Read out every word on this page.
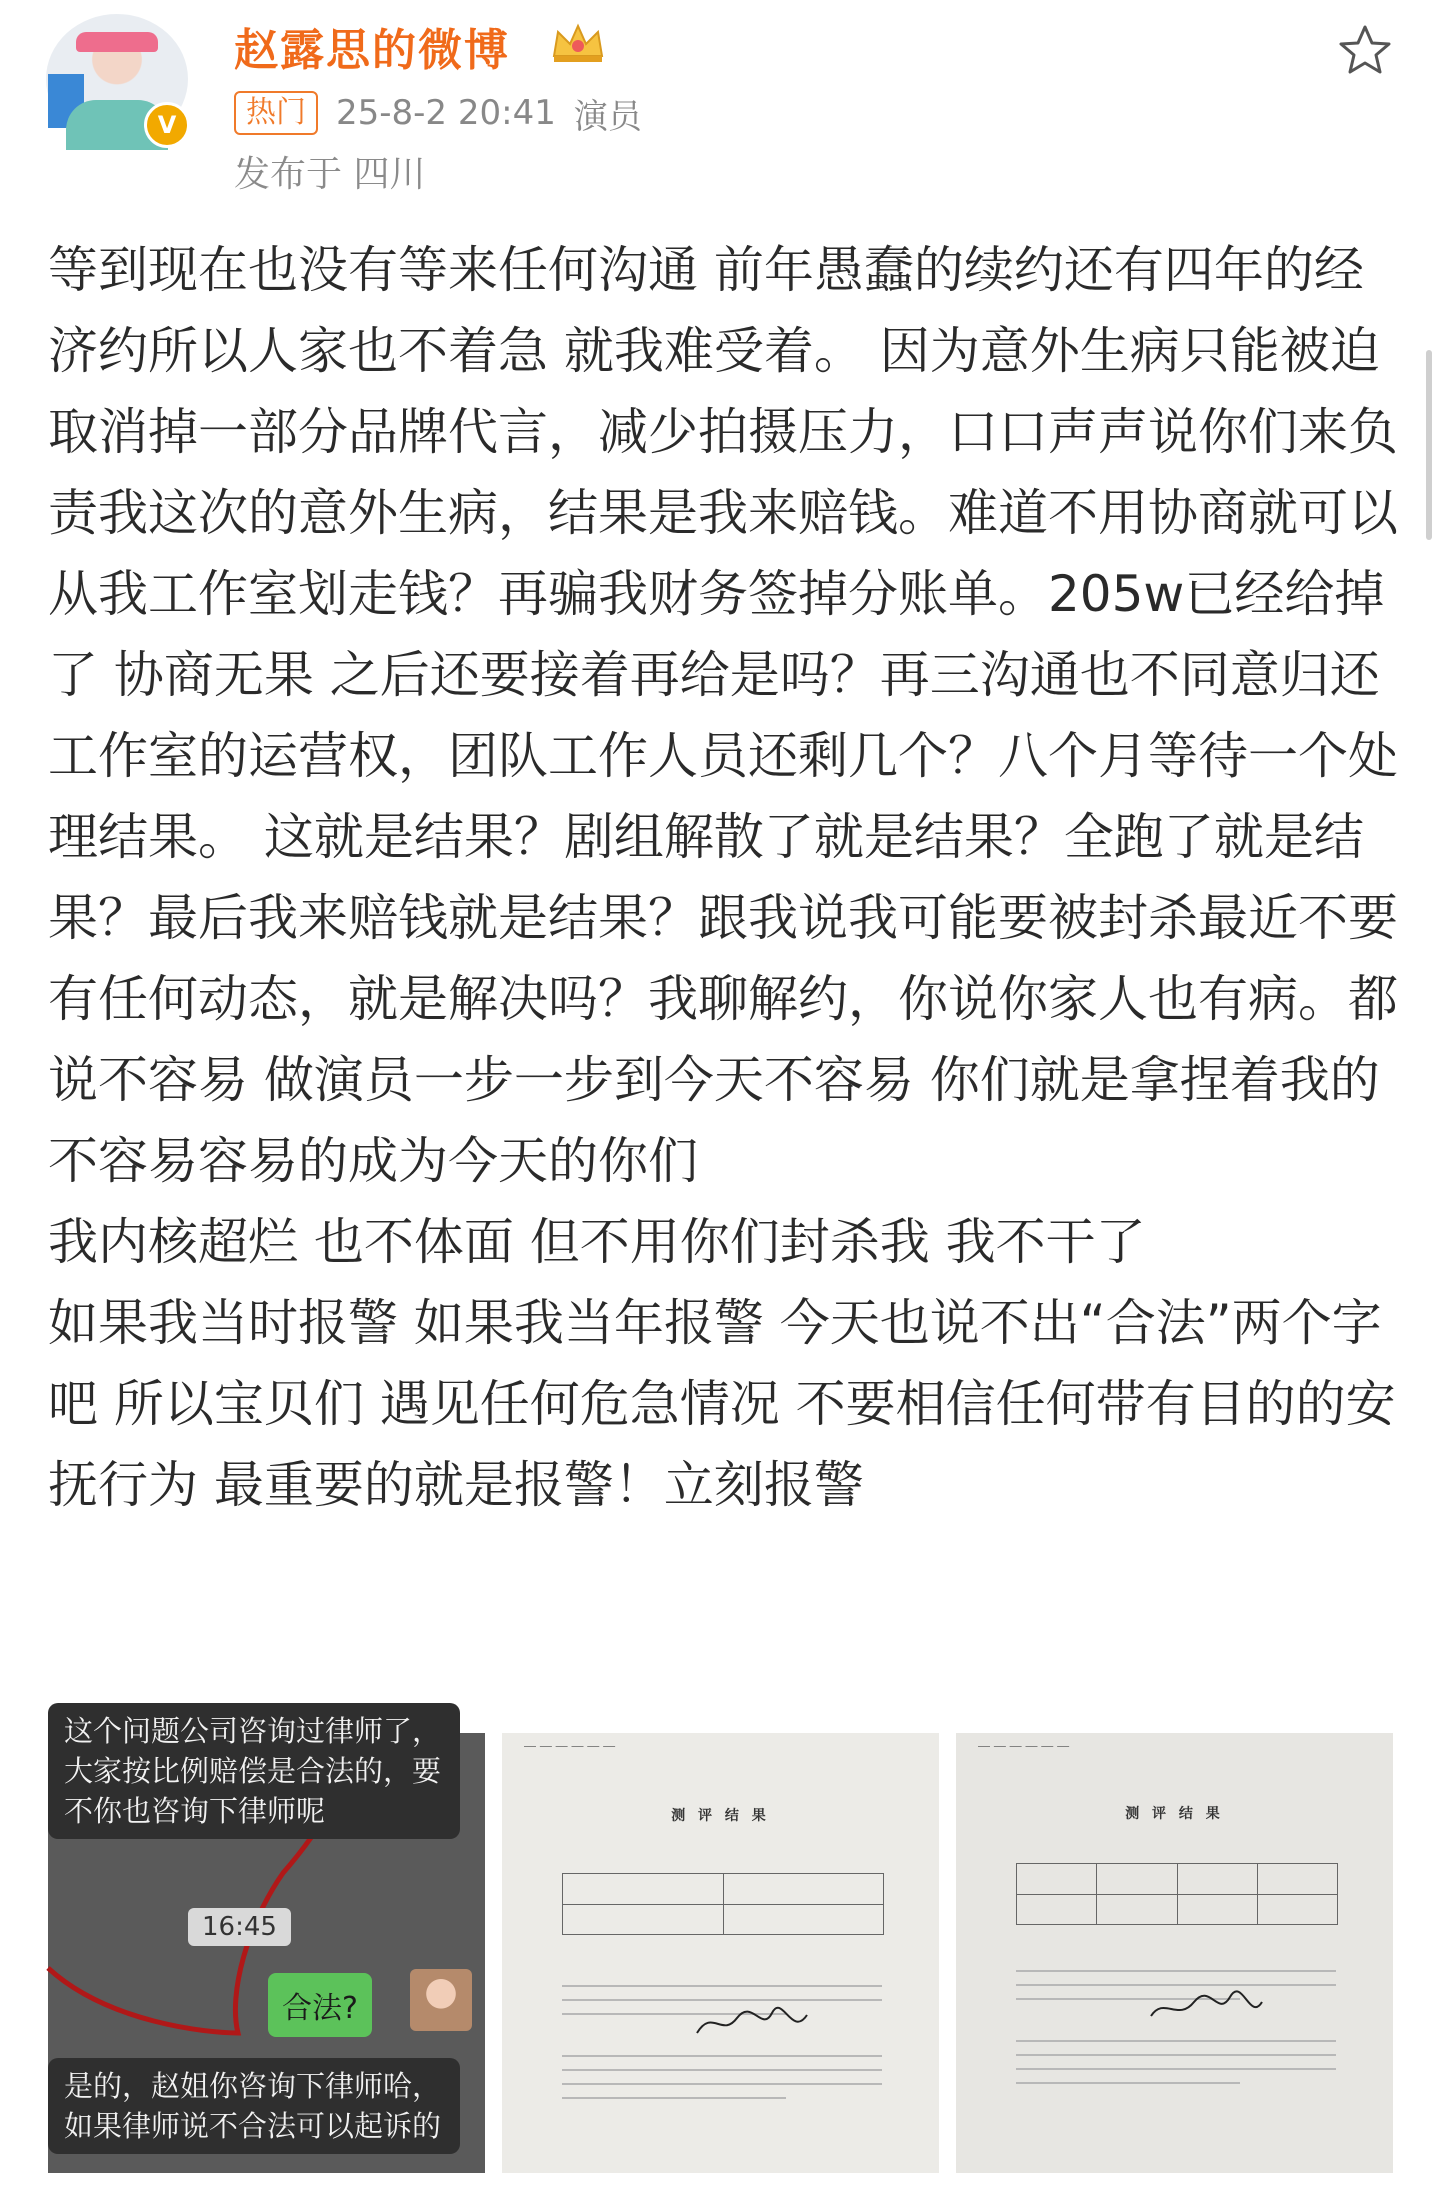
V
赵露思的微博
热门 25-8-2 20:41 演员
发布于 四川

等到现在也没有等来任何沟通 前年愚蠢的续约还有四年的经济约所以人家也不着急 就我难受着。 因为意外生病只能被迫取消掉一部分品牌代言，减少拍摄压力，口口声声说你们来负责我这次的意外生病，结果是我来赔钱。难道不用协商就可以从我工作室划走钱？再骗我财务签掉分账单。205w已经给掉了 协商无果 之后还要接着再给是吗？再三沟通也不同意归还工作室的运营权，团队工作人员还剩几个？八个月等待一个处理结果。 这就是结果？剧组解散了就是结果？全跑了就是结果？最后我来赔钱就是结果？跟我说我可能要被封杀最近不要有任何动态，就是解决吗？我聊解约，你说你家人也有病。都说不容易 做演员一步一步到今天不容易 你们就是拿捏着我的不容易容易的成为今天的你们
我内核超烂 也不体面 但不用你们封杀我 我不干了
如果我当时报警 如果我当年报警 今天也说不出“合法”两个字吧 所以宝贝们 遇见任何危急情况 不要相信任何带有目的的安抚行为 最重要的就是报警！立刻报警

这个问题公司咨询过律师了，大家按比例赔偿是合法的，要不你也咨询下律师呢
16:45
合法?
是的，赵姐你咨询下律师哈，如果律师说不合法可以起诉的
― ― ― ― ― ―
测 评 结 果
― ― ― ― ― ―
测 评 结 果
